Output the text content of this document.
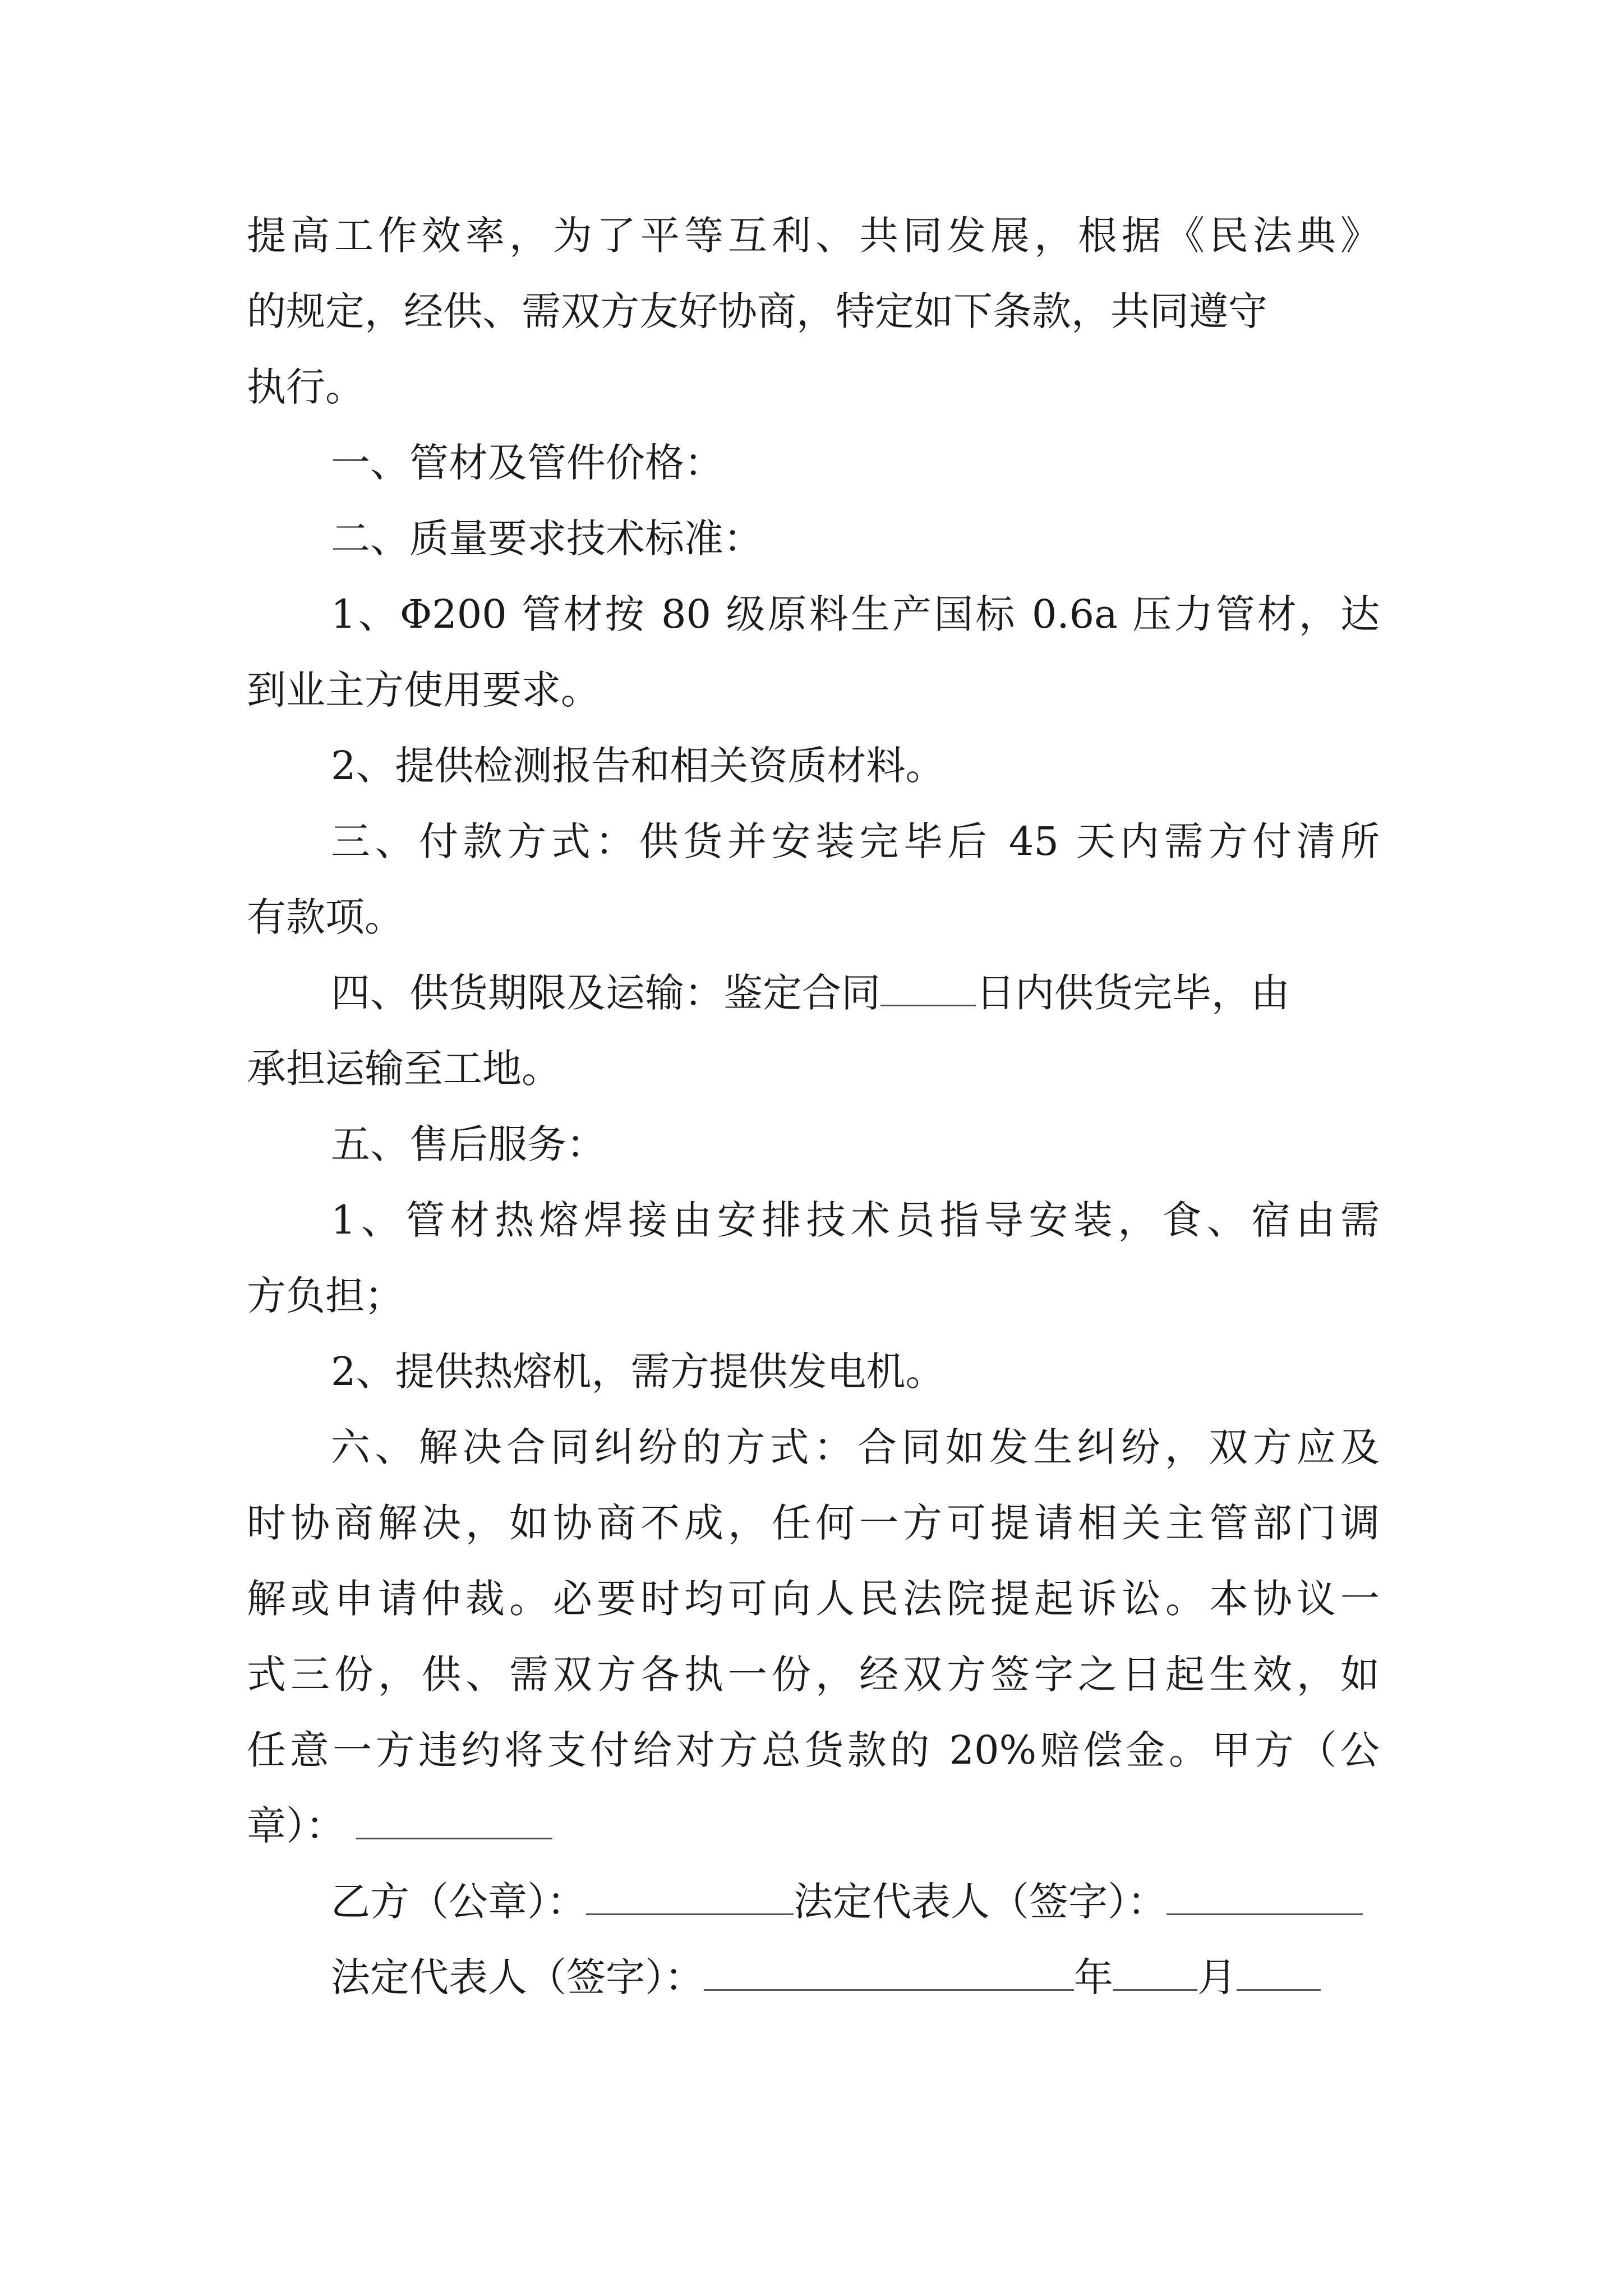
提高工作效率，为了平等互利、共同发展，根据《民法典》
的规定，经供、需双方友好协商，特定如下条款，共同遵守
执行。
一、管材及管件价格：
二、质量要求技术标准：
1、Φ200 管材按 80 级原料生产国标 0.6a 压力管材，达
到业主方使用要求。
2、提供检测报告和相关资质材料。
三、付款方式：供货并安装完毕后 45 天内需方付清所
有款项。
四、供货期限及运输：鉴定合同 日内供货完毕，由
承担运输至工地。
五、售后服务：
1、管材热熔焊接由安排技术员指导安装，食、宿由需
方负担；
2、提供热熔机，需方提供发电机。
六、解决合同纠纷的方式：合同如发生纠纷，双方应及
时协商解决，如协商不成，任何一方可提请相关主管部门调
解或申请仲裁。必要时均可向人民法院提起诉讼。本协议一
式三份，供、需双方各执一份，经双方签字之日起生效，如
任意一方违约将支付给对方总货款的 20%赔偿金。甲方（公
章）：
乙方（公章）：	法定代表人（签字）：
法定代表人（签字）：	年 月
